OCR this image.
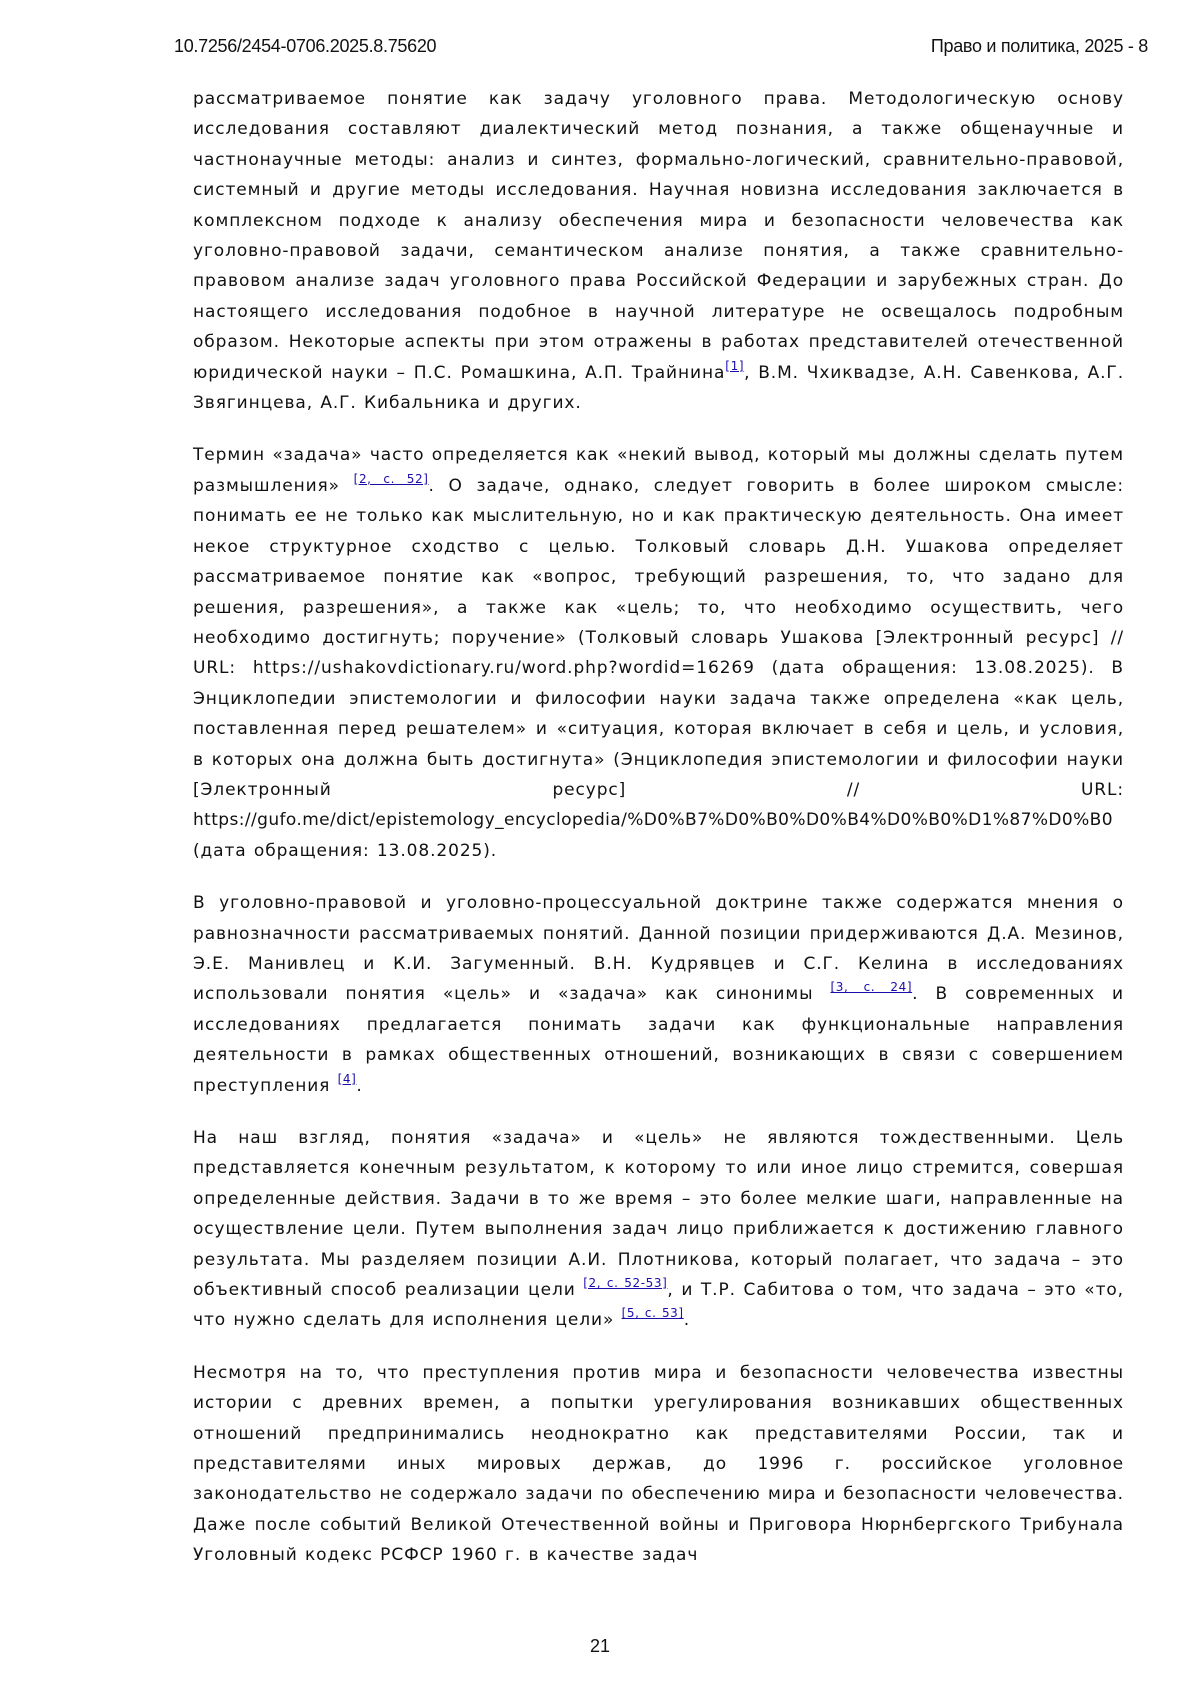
10.7256/2454-0706.2025.8.75620	Право и политика, 2025 - 8

рассматриваемое понятие как задачу уголовного права. Методологическую основу исследования составляют диалектический метод познания, а также общенаучные и частнонаучные методы: анализ и синтез, формально-логический, сравнительно-правовой, системный и другие методы исследования. Научная новизна исследования заключается в комплексном подходе к анализу обеспечения мира и безопасности человечества как уголовно-правовой задачи, семантическом анализе понятия, а также сравнительно-правовом анализе задач уголовного права Российской Федерации и зарубежных стран. До настоящего исследования подобное в научной литературе не освещалось подробным образом. Некоторые аспекты при этом отражены в работах представителей отечественной юридической науки – П.С. Ромашкина, А.П. Трайнина[1], В.М. Чхиквадзе, А.Н. Савенкова, А.Г. Звягинцева, А.Г. Кибальника и других.

Термин «задача» часто определяется как «некий вывод, который мы должны сделать путем размышления» [2, с. 52]. О задаче, однако, следует говорить в более широком смысле: понимать ее не только как мыслительную, но и как практическую деятельность. Она имеет некое структурное сходство с целью. Толковый словарь Д.Н. Ушакова определяет рассматриваемое понятие как «вопрос, требующий разрешения, то, что задано для решения, разрешения», а также как «цель; то, что необходимо осуществить, чего необходимо достигнуть; поручение» (Толковый словарь Ушакова [Электронный ресурс] // URL: https://ushakovdictionary.ru/word.php?wordid=16269 (дата обращения: 13.08.2025). В Энциклопедии эпистемологии и философии науки задача также определена «как цель, поставленная перед решателем» и «ситуация, которая включает в себя и цель, и условия, в которых она должна быть достигнута» (Энциклопедия эпистемологии и философии науки [Электронный ресурс] // URL: https://gufo.me/dict/epistemology_encyclopedia/%D0%B7%D0%B0%D0%B4%D0%B0%D1%87%D0%B0 (дата обращения: 13.08.2025).

В уголовно-правовой и уголовно-процессуальной доктрине также содержатся мнения о равнозначности рассматриваемых понятий. Данной позиции придерживаются Д.А. Мезинов, Э.Е. Манивлец и К.И. Загуменный. В.Н. Кудрявцев и С.Г. Келина в исследованиях использовали понятия «цель» и «задача» как синонимы [3, с. 24]. В современных и исследованиях предлагается понимать задачи как функциональные направления деятельности в рамках общественных отношений, возникающих в связи с совершением преступления [4].

На наш взгляд, понятия «задача» и «цель» не являются тождественными. Цель представляется конечным результатом, к которому то или иное лицо стремится, совершая определенные действия. Задачи в то же время – это более мелкие шаги, направленные на осуществление цели. Путем выполнения задач лицо приближается к достижению главного результата. Мы разделяем позиции А.И. Плотникова, который полагает, что задача – это объективный способ реализации цели [2, с. 52-53], и Т.Р. Сабитова о том, что задача – это «то, что нужно сделать для исполнения цели» [5, с. 53].

Несмотря на то, что преступления против мира и безопасности человечества известны истории с древних времен, а попытки урегулирования возникавших общественных отношений предпринимались неоднократно как представителями России, так и представителями иных мировых держав, до 1996 г. российское уголовное законодательство не содержало задачи по обеспечению мира и безопасности человечества. Даже после событий Великой Отечественной войны и Приговора Нюрнбергского Трибунала Уголовный кодекс РСФСР 1960 г. в качестве задач

21
